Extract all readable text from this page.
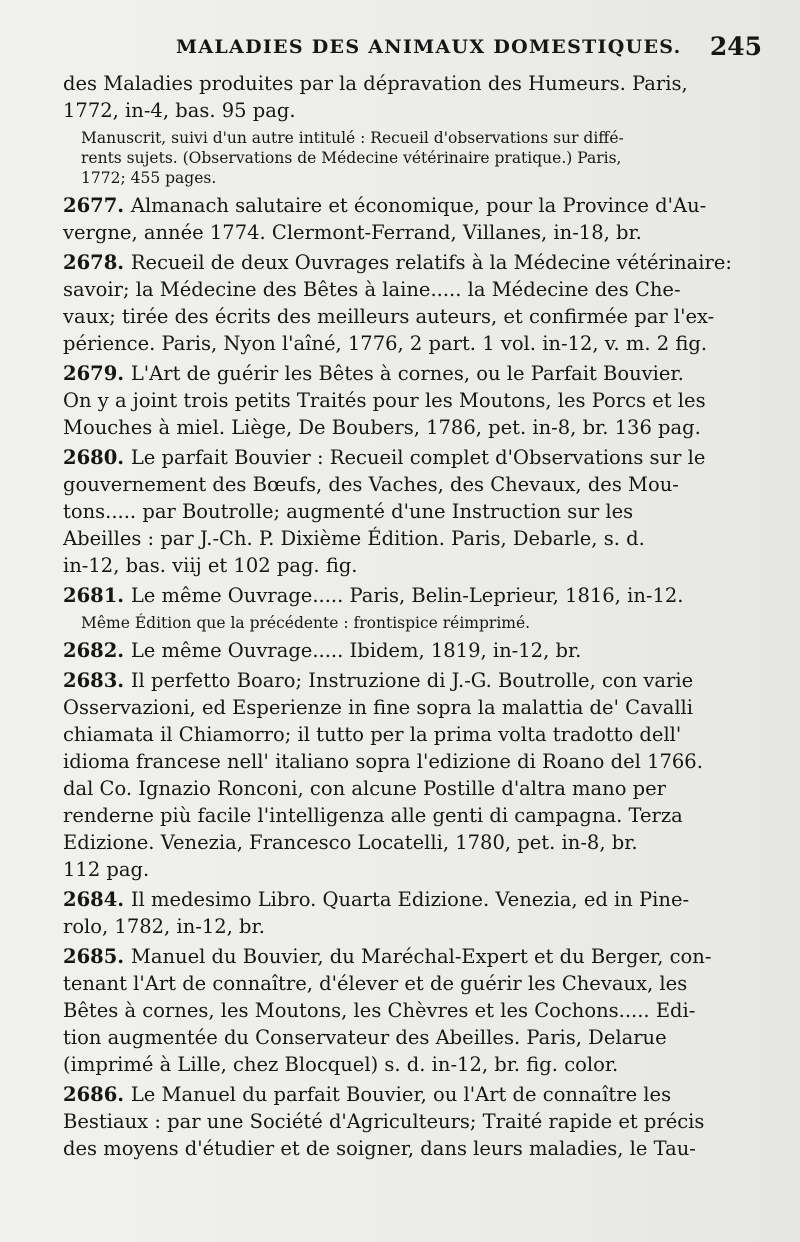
MALADIES DES ANIMAUX DOMESTIQUES. 245
des Maladies produites par la dépravation des Humeurs. Paris,
1772, in-4, bas. 95 pag.
Manuscrit, suivi d'un autre intitulé : Recueil d'observations sur diffé-
rents sujets. (Observations de Médecine vétérinaire pratique.) Paris,
1772; 455 pages.
2677. Almanach salutaire et économique, pour la Province d'Au-
vergne, année 1774. Clermont-Ferrand, Villanes, in-18, br.
2678. Recueil de deux Ouvrages relatifs à la Médecine vétérinaire:
savoir; la Médecine des Bêtes à laine..... la Médecine des Che-
vaux; tirée des écrits des meilleurs auteurs, et confirmée par l'ex-
périence. Paris, Nyon l'aîné, 1776, 2 part. 1 vol. in-12, v. m. 2 fig.
2679. L'Art de guérir les Bêtes à cornes, ou le Parfait Bouvier.
On y a joint trois petits Traités pour les Moutons, les Porcs et les
Mouches à miel. Liège, De Boubers, 1786, pet. in-8, br. 136 pag.
2680. Le parfait Bouvier : Recueil complet d'Observations sur le
gouvernement des Bœufs, des Vaches, des Chevaux, des Mou-
tons..... par Boutrolle; augmenté d'une Instruction sur les
Abeilles : par J.-Ch. P. Dixième Édition. Paris, Debarle, s. d.
in-12, bas. viij et 102 pag. fig.
2681. Le même Ouvrage..... Paris, Belin-Leprieur, 1816, in-12.
Même Édition que la précédente : frontispice réimprimé.
2682. Le même Ouvrage..... Ibidem, 1819, in-12, br.
2683. Il perfetto Boaro; Instruzione di J.-G. Boutrolle, con varie
Osservazioni, ed Esperienze in fine sopra la malattia de' Cavalli
chiamata il Chiamorro; il tutto per la prima volta tradotto dell'
idioma francese nell' italiano sopra l'edizione di Roano del 1766.
dal Co. Ignazio Ronconi, con alcune Postille d'altra mano per
renderne più facile l'intelligenza alle genti di campagna. Terza
Edizione. Venezia, Francesco Locatelli, 1780, pet. in-8, br.
112 pag.
2684. Il medesimo Libro. Quarta Edizione. Venezia, ed in Pine-
rolo, 1782, in-12, br.
2685. Manuel du Bouvier, du Maréchal-Expert et du Berger, con-
tenant l'Art de connaître, d'élever et de guérir les Chevaux, les
Bêtes à cornes, les Moutons, les Chèvres et les Cochons..... Edi-
tion augmentée du Conservateur des Abeilles. Paris, Delarue
(imprimé à Lille, chez Blocquel) s. d. in-12, br. fig. color.
2686. Le Manuel du parfait Bouvier, ou l'Art de connaître les
Bestiaux : par une Société d'Agriculteurs; Traité rapide et précis
des moyens d'étudier et de soigner, dans leurs maladies, le Tau-
